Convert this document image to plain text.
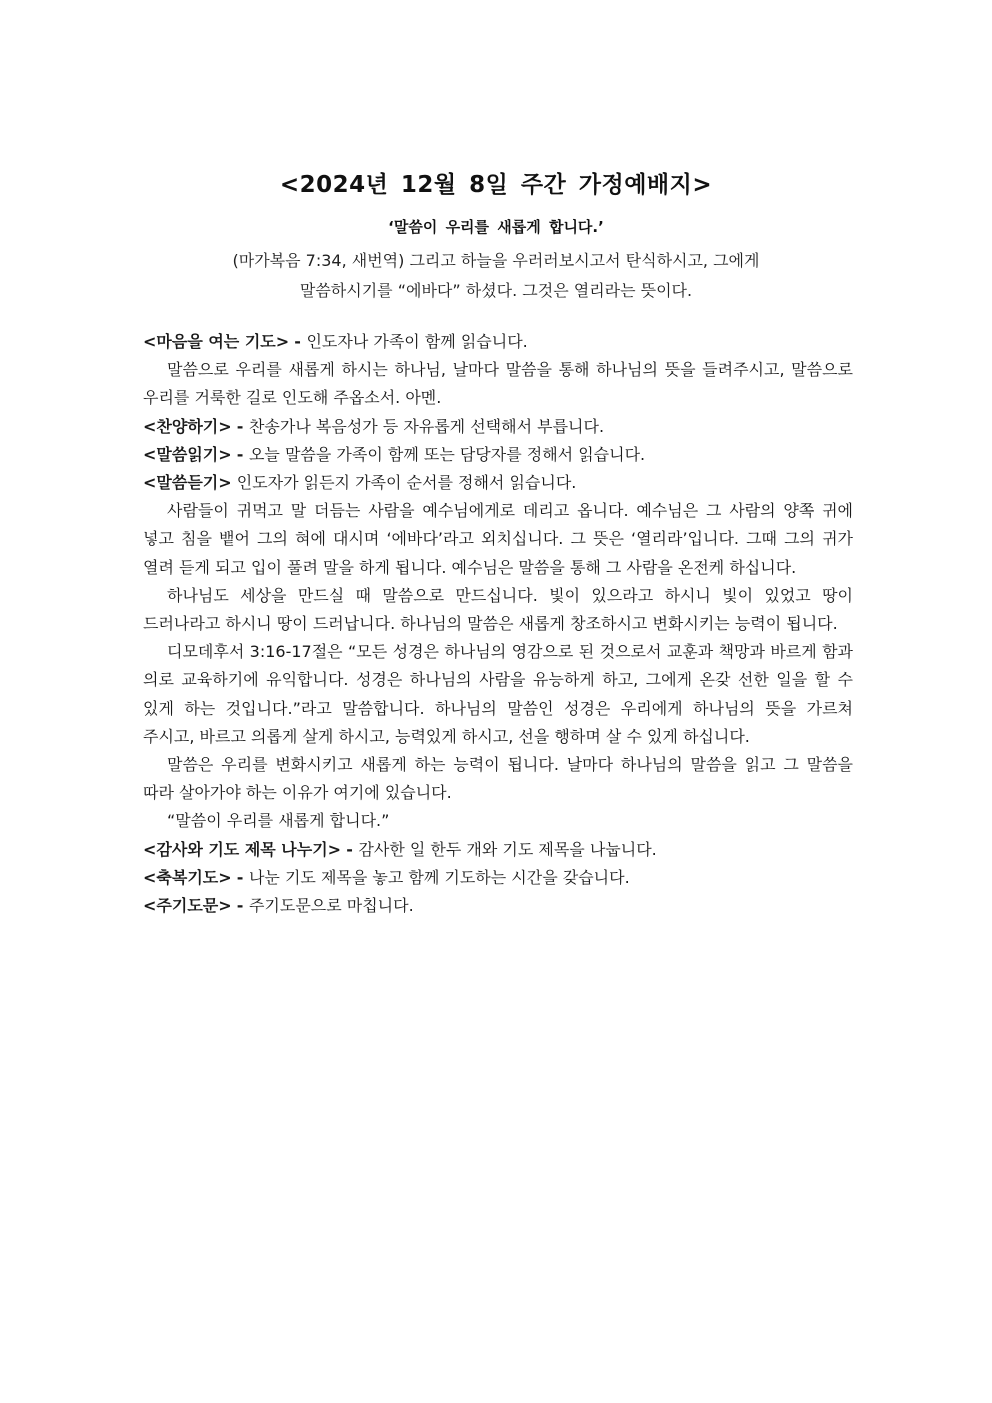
<2024년 12월 8일 주간 가정예배지>
‘말씀이 우리를 새롭게 합니다.’
(마가복음 7:34, 새번역) 그리고 하늘을 우러러보시고서 탄식하시고, 그에게
말씀하시기를 “에바다” 하셨다. 그것은 열리라는 뜻이다.

<마음을 여는 기도> - 인도자나 가족이 함께 읽습니다.

말씀으로 우리를 새롭게 하시는 하나님, 날마다 말씀을 통해 하나님의 뜻을 들려주시고, 말씀으로 우리를 거룩한 길로 인도해 주옵소서. 아멘.

<찬양하기> - 찬송가나 복음성가 등 자유롭게 선택해서 부릅니다.

<말씀읽기> - 오늘 말씀을 가족이 함께 또는 담당자를 정해서 읽습니다.

<말씀듣기> 인도자가 읽든지 가족이 순서를 정해서 읽습니다.

사람들이 귀먹고 말 더듬는 사람을 예수님에게로 데리고 옵니다. 예수님은 그 사람의 양쪽 귀에 넣고 침을 뱉어 그의 혀에 대시며 ‘에바다’라고 외치십니다. 그 뜻은 ‘열리라’입니다. 그때 그의 귀가 열려 듣게 되고 입이 풀려 말을 하게 됩니다. 예수님은 말씀을 통해 그 사람을 온전케 하십니다.

하나님도 세상을 만드실 때 말씀으로 만드십니다. 빛이 있으라고 하시니 빛이 있었고 땅이 드러나라고 하시니 땅이 드러납니다. 하나님의 말씀은 새롭게 창조하시고 변화시키는 능력이 됩니다.

디모데후서 3:16-17절은 “모든 성경은 하나님의 영감으로 된 것으로서 교훈과 책망과 바르게 함과 의로 교육하기에 유익합니다. 성경은 하나님의 사람을 유능하게 하고, 그에게 온갖 선한 일을 할 수 있게 하는 것입니다.”라고 말씀합니다. 하나님의 말씀인 성경은 우리에게 하나님의 뜻을 가르쳐 주시고, 바르고 의롭게 살게 하시고, 능력있게 하시고, 선을 행하며 살 수 있게 하십니다.

말씀은 우리를 변화시키고 새롭게 하는 능력이 됩니다. 날마다 하나님의 말씀을 읽고 그 말씀을 따라 살아가야 하는 이유가 여기에 있습니다.

“말씀이 우리를 새롭게 합니다.”

<감사와 기도 제목 나누기> - 감사한 일 한두 개와 기도 제목을 나눕니다.

<축복기도> - 나눈 기도 제목을 놓고 함께 기도하는 시간을 갖습니다.

<주기도문> - 주기도문으로 마칩니다.
